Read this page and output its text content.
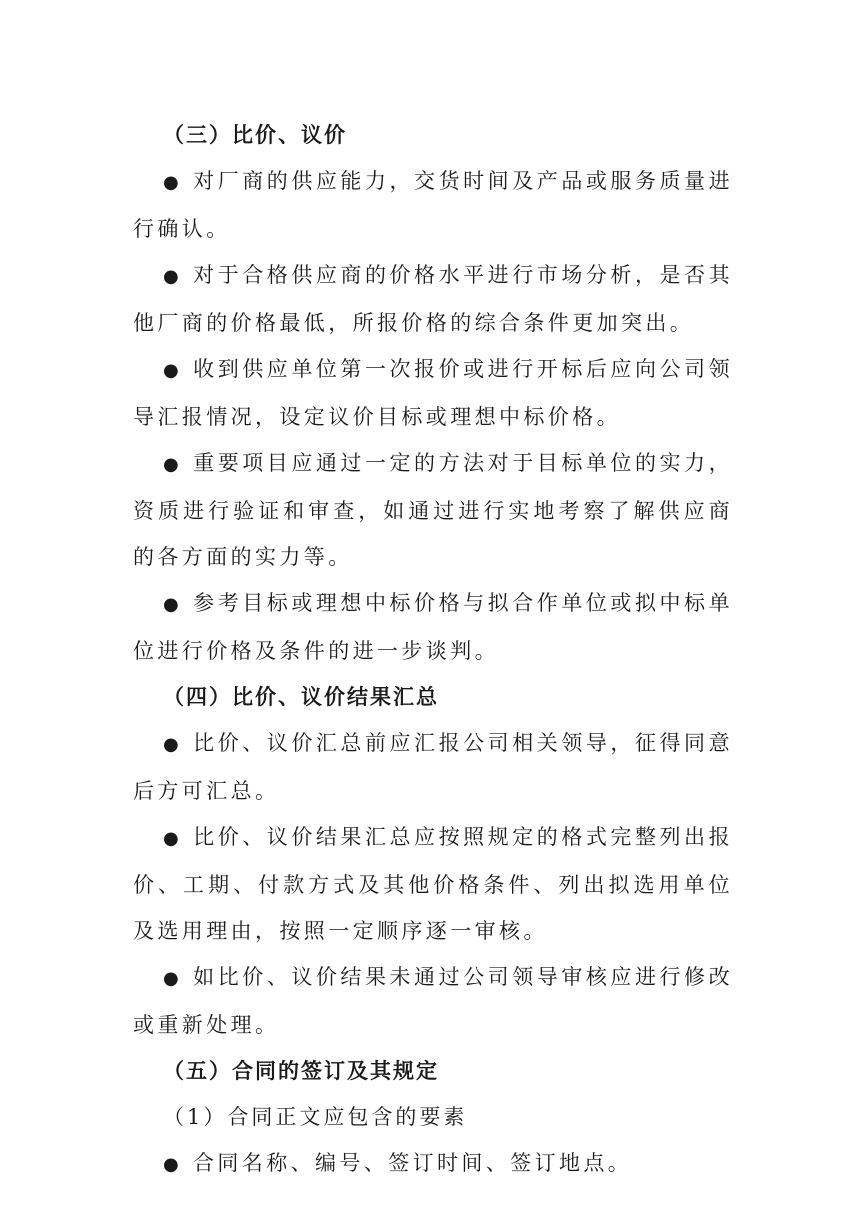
（三）比价、议价

● 对厂商的供应能力，交货时间及产品或服务质量进行确认。

● 对于合格供应商的价格水平进行市场分析，是否其他厂商的价格最低，所报价格的综合条件更加突出。

● 收到供应单位第一次报价或进行开标后应向公司领导汇报情况，设定议价目标或理想中标价格。

● 重要项目应通过一定的方法对于目标单位的实力，资质进行验证和审查，如通过进行实地考察了解供应商的各方面的实力等。

● 参考目标或理想中标价格与拟合作单位或拟中标单位进行价格及条件的进一步谈判。

（四）比价、议价结果汇总

● 比价、议价汇总前应汇报公司相关领导，征得同意后方可汇总。

● 比价、议价结果汇总应按照规定的格式完整列出报价、工期、付款方式及其他价格条件、列出拟选用单位及选用理由，按照一定顺序逐一审核。

● 如比价、议价结果未通过公司领导审核应进行修改或重新处理。

（五）合同的签订及其规定
（1）合同正文应包含的要素

● 合同名称、编号、签订时间、签订地点。
